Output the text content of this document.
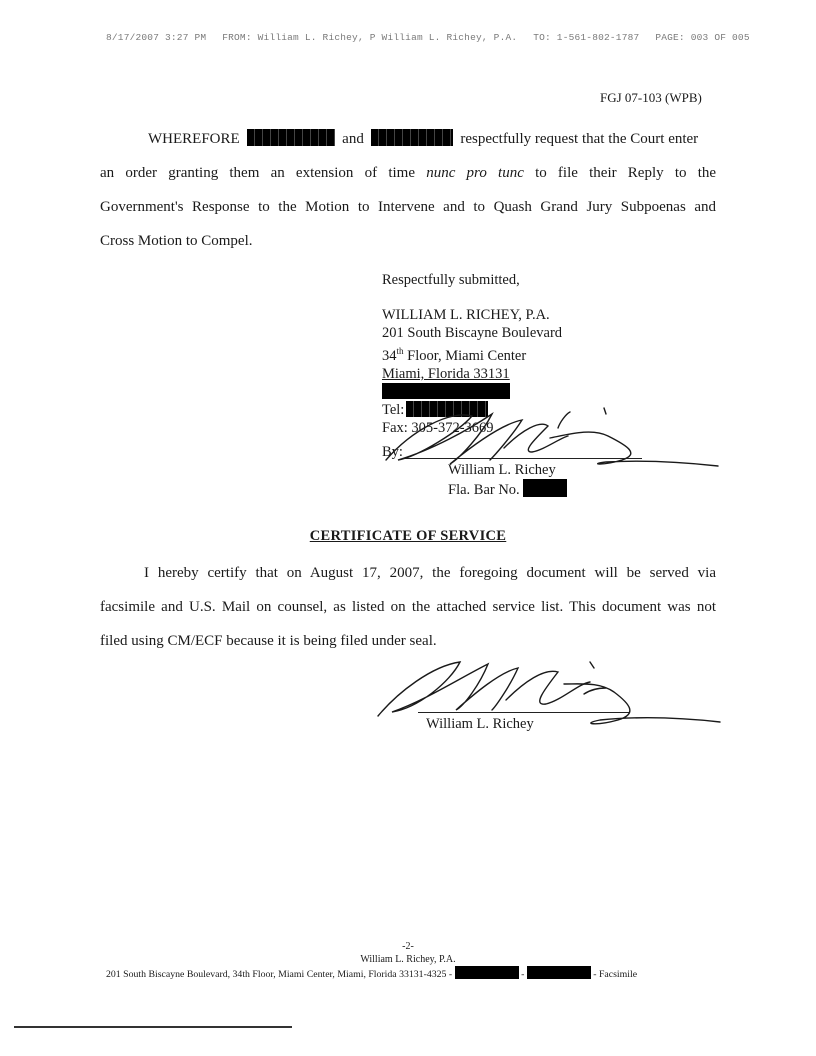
8/17/2007 3:27 PM FROM: William L. Richey, P William L. Richey, P.A. TO: 1-561-802-1787 PAGE: 003 OF 005
FGJ 07-103 (WPB)
WHEREFORE	and	respectfully request that the Court enter
an order granting them an extension of time nunc pro tunc to file their Reply to the
Government's Response to the Motion to Intervene and to Quash Grand Jury Subpoenas and
Cross Motion to Compel.
Respectfully submitted,
WILLIAM L. RICHEY, P.A.
201 South Biscayne Boulevard
34th Floor, Miami Center
Miami, Florida 33131
Tel:
Fax: 305-372-3669
By:
William L. Richey
Fla. Bar No.
CERTIFICATE OF SERVICE
I hereby certify that on August 17, 2007, the foregoing document will be served via
facsimile and U.S. Mail on counsel, as listed on the attached service list. This document was not
filed using CM/ECF because it is being filed under seal.
William L. Richey
-2-
William L. Richey, P.A.
201 South Biscayne Boulevard, 34th Floor, Miami Center, Miami, Florida 33131-4325 -	-	- Facsimile
